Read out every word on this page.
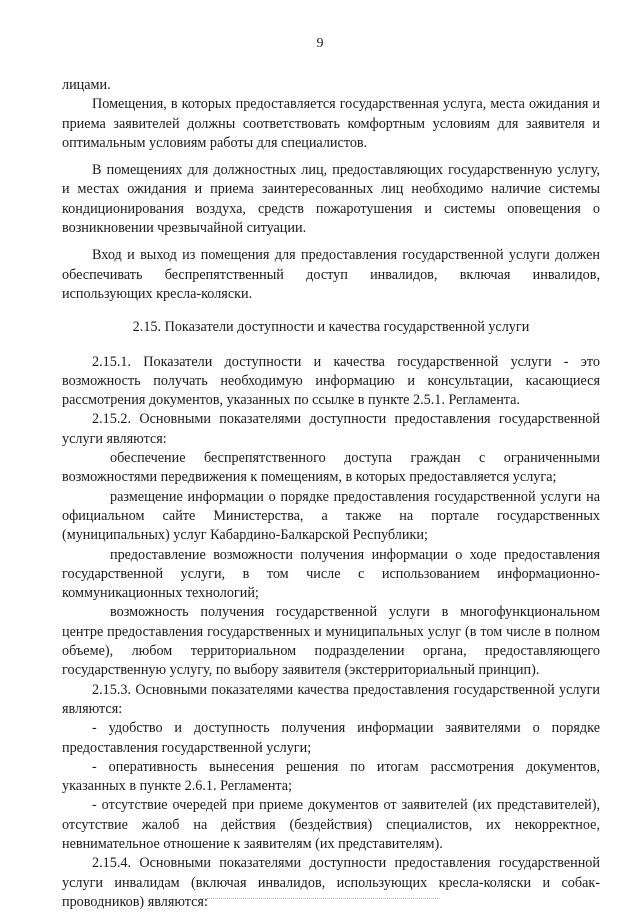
9

лицами.

Помещения, в которых предоставляется государственная услуга, места ожидания и приема заявителей должны соответствовать комфортным условиям для заявителя и оптимальным условиям работы для специалистов.

В помещениях для должностных лиц, предоставляющих государственную услугу, и местах ожидания и приема заинтересованных лиц необходимо наличие системы кондиционирования воздуха, средств пожаротушения и системы оповещения о возникновении чрезвычайной ситуации.

Вход и выход из помещения для предоставления государственной услуги должен обеспечивать беспрепятственный доступ инвалидов, включая инвалидов, использующих кресла-коляски.

2.15. Показатели доступности и качества государственной услуги

2.15.1. Показатели доступности и качества государственной услуги - это возможность получать необходимую информацию и консультации, касающиеся рассмотрения документов, указанных по ссылке в пункте 2.5.1. Регламента.

2.15.2. Основными показателями доступности предоставления государственной услуги являются:

обеспечение беспрепятственного доступа граждан с ограниченными возможностями передвижения к помещениям, в которых предоставляется услуга;

размещение информации о порядке предоставления государственной услуги на официальном сайте Министерства, а также на портале государственных (муниципальных) услуг Кабардино-Балкарской Республики;

предоставление возможности получения информации о ходе предоставления государственной услуги, в том числе с использованием информационно-коммуникационных технологий;

возможность получения государственной услуги в многофункциональном центре предоставления государственных и муниципальных услуг (в том числе в полном объеме), любом территориальном подразделении органа, предоставляющего государственную услугу, по выбору заявителя (экстерриториальный принцип).

2.15.3. Основными показателями качества предоставления государственной услуги являются:

- удобство и доступность получения информации заявителями о порядке предоставления государственной услуги;

- оперативность вынесения решения по итогам рассмотрения документов, указанных в пункте 2.6.1. Регламента;

- отсутствие очередей при приеме документов от заявителей (их представителей), отсутствие жалоб на действия (бездействия) специалистов, их некорректное, невнимательное отношение к заявителям (их представителям).

2.15.4. Основными показателями доступности предоставления государственной услуги инвалидам (включая инвалидов, использующих кресла-коляски и собак-проводников) являются:
